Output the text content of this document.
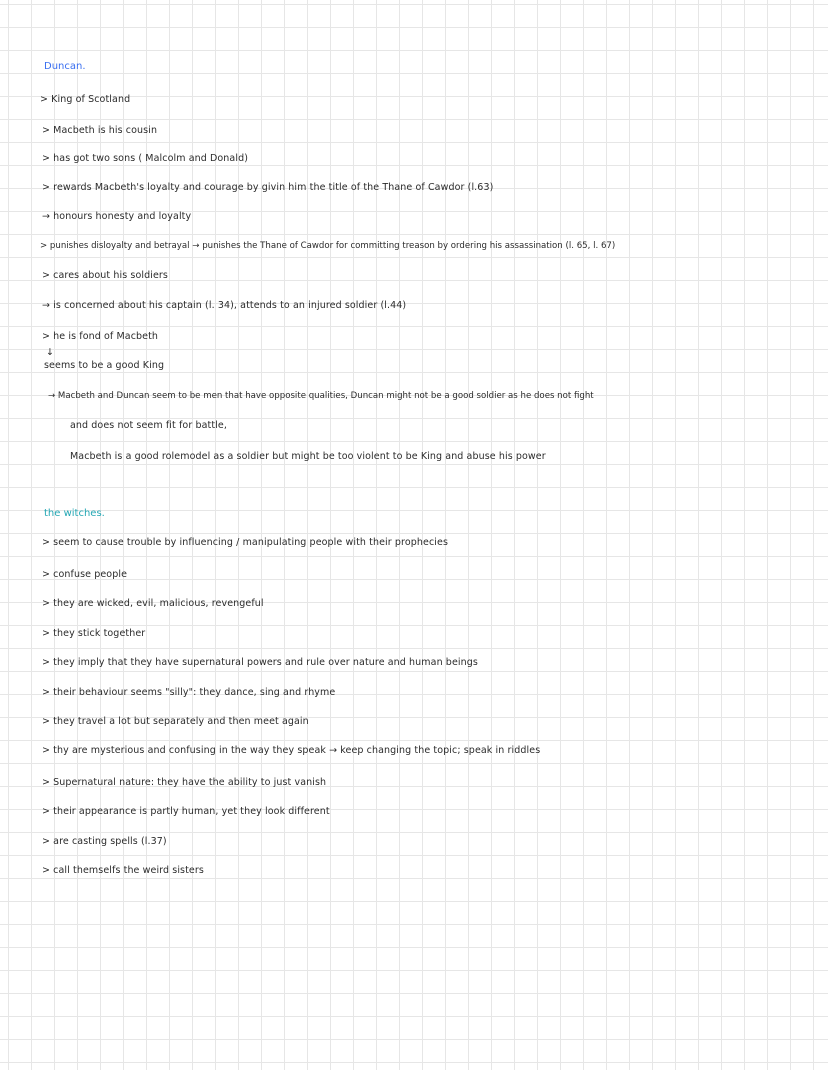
Duncan.
> King of Scotland
> Macbeth is his cousin
> has got two sons ( Malcolm and Donald)
> rewards Macbeth's loyalty and courage by givin him the title of the Thane of Cawdor (l.63)
→ honours honesty and loyalty
> punishes disloyalty and betrayal → punishes the Thane of Cawdor for committing treason by ordering his assassination (l. 65, l. 67)
> cares about his soldiers
→ is concerned about his captain (l. 34), attends to an injured soldier (l.44)
> he is fond of Macbeth
↓
seems to be a good King
→ Macbeth and Duncan seem to be men that have opposite qualities, Duncan might not be a good soldier as he does not fight
and does not seem fit for battle,
Macbeth is a good rolemodel as a soldier but might be too violent to be King and abuse his power
the witches.
> seem to cause trouble by influencing / manipulating people with their prophecies
> confuse people
> they are wicked, evil, malicious, revengeful
> they stick together
> they imply that they have supernatural powers and rule over nature and human beings
> their behaviour seems "silly": they dance, sing and rhyme
> they travel a lot but separately and then meet again
> thy are mysterious and confusing in the way they speak → keep changing the topic; speak in riddles
> Supernatural nature: they have the ability to just vanish
> their appearance is partly human, yet they look different
> are casting spells (l.37)
> call themselfs the weird sisters
